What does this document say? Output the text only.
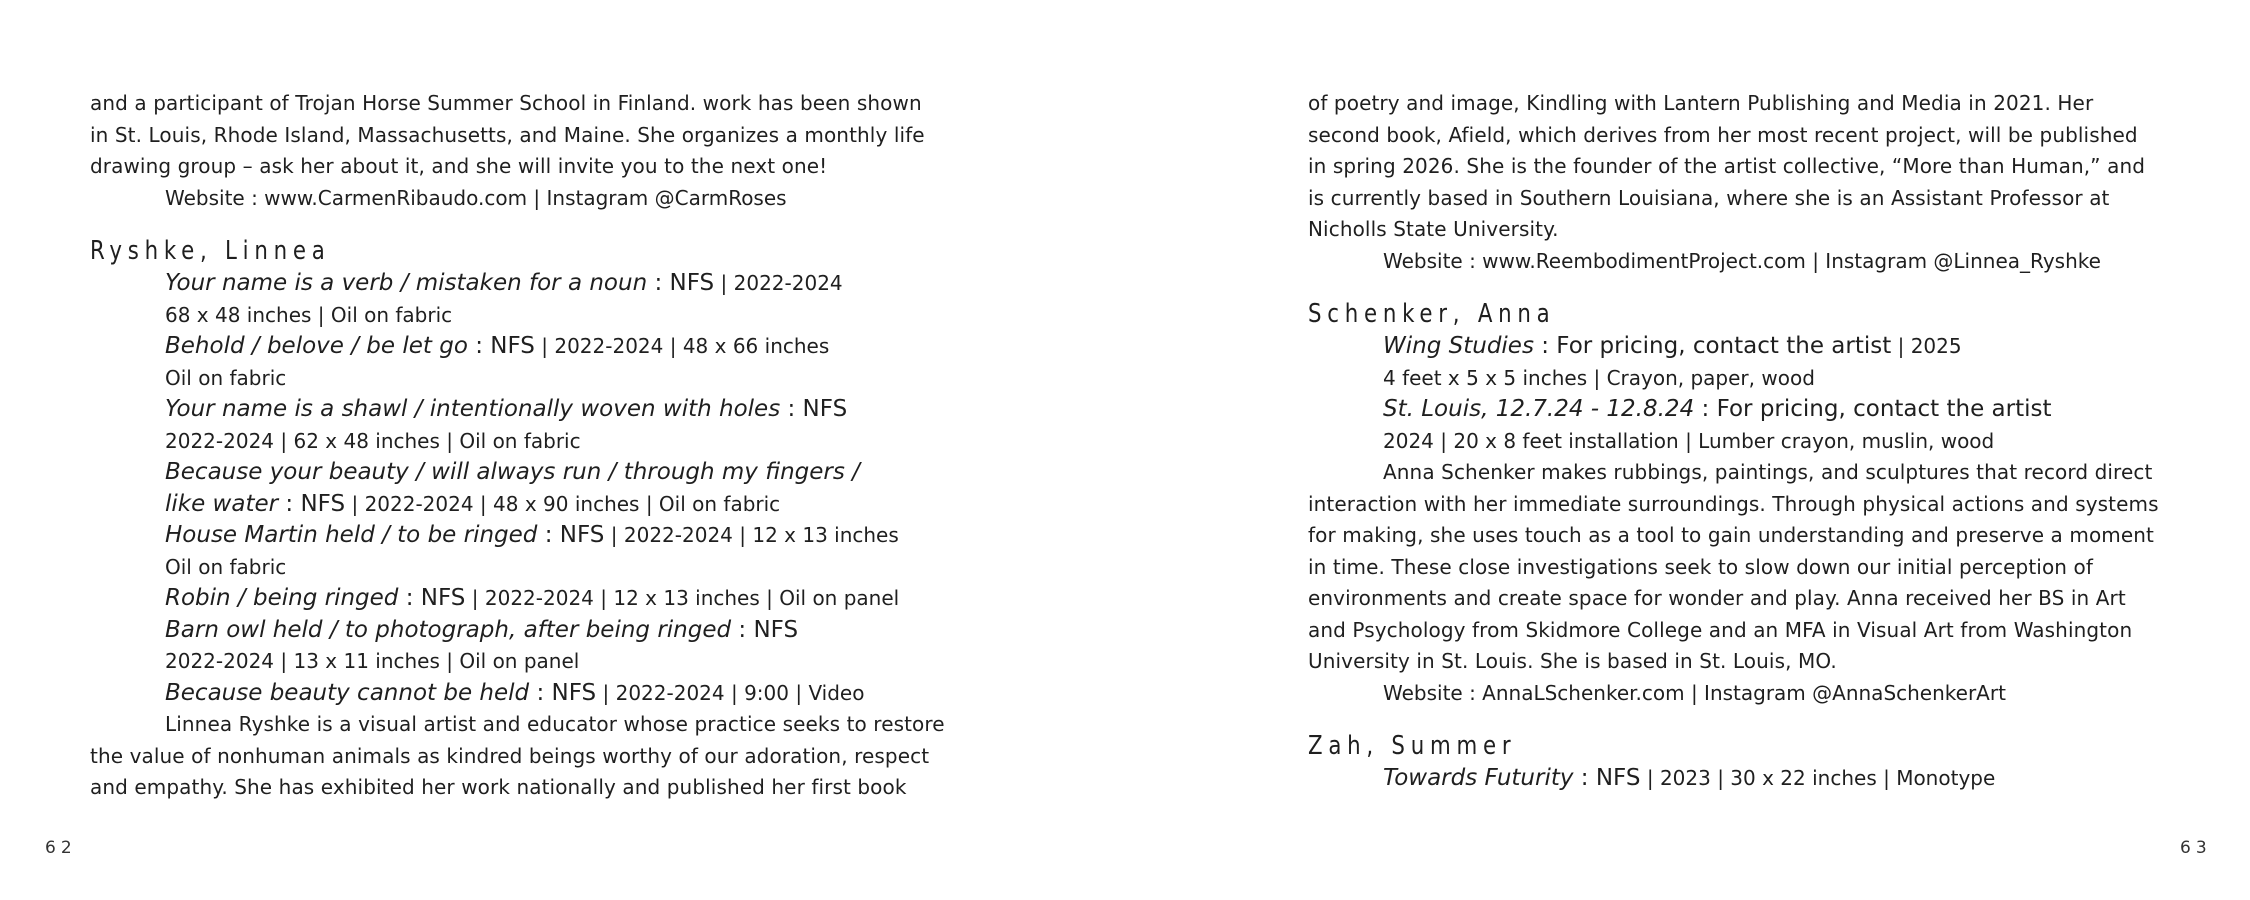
and a participant of Trojan Horse Summer School in Finland. work has been shown

in St. Louis, Rhode Island, Massachusetts, and Maine. She organizes a monthly life

drawing group – ask her about it, and she will invite you to the next one!

Website : www.CarmenRibaudo.com | Instagram @CarmRoses

Ryshke, Linnea

Your name is a verb / mistaken for a noun : NFS | 2022-2024
68 x 48 inches | Oil on fabric
Behold / belove / be let go : NFS | 2022-2024 | 48 x 66 inches
Oil on fabric
Your name is a shawl / intentionally woven with holes : NFS
2022-2024 | 62 x 48 inches | Oil on fabric
Because your beauty / will always run / through my fingers /
like water : NFS | 2022-2024 | 48 x 90 inches | Oil on fabric
House Martin held / to be ringed : NFS | 2022-2024 | 12 x 13 inches
Oil on fabric
Robin / being ringed : NFS | 2022-2024 | 12 x 13 inches | Oil on panel
Barn owl held / to photograph, after being ringed : NFS
2022-2024 | 13 x 11 inches | Oil on panel
Because beauty cannot be held : NFS | 2022-2024 | 9:00 | Video

Linnea Ryshke is a visual artist and educator whose practice seeks to restore

the value of nonhuman animals as kindred beings worthy of our adoration, respect

and empathy. She has exhibited her work nationally and published her first book

62

of poetry and image, Kindling with Lantern Publishing and Media in 2021. Her

second book, Afield, which derives from her most recent project, will be published

in spring 2026. She is the founder of the artist collective, “More than Human,” and

is currently based in Southern Louisiana, where she is an Assistant Professor at

Nicholls State University.

Website : www.ReembodimentProject.com | Instagram @Linnea_Ryshke

Schenker, Anna

Wing Studies : For pricing, contact the artist | 2025
4 feet x 5 x 5 inches | Crayon, paper, wood
St. Louis, 12.7.24 - 12.8.24 : For pricing, contact the artist
2024 | 20 x 8 feet installation | Lumber crayon, muslin, wood

Anna Schenker makes rubbings, paintings, and sculptures that record direct

interaction with her immediate surroundings. Through physical actions and systems

for making, she uses touch as a tool to gain understanding and preserve a moment

in time. These close investigations seek to slow down our initial perception of

environments and create space for wonder and play. Anna received her BS in Art

and Psychology from Skidmore College and an MFA in Visual Art from Washington

University in St. Louis. She is based in St. Louis, MO.

Website : AnnaLSchenker.com | Instagram @AnnaSchenkerArt

Zah, Summer

Towards Futurity : NFS | 2023 | 30 x 22 inches | Monotype
63
